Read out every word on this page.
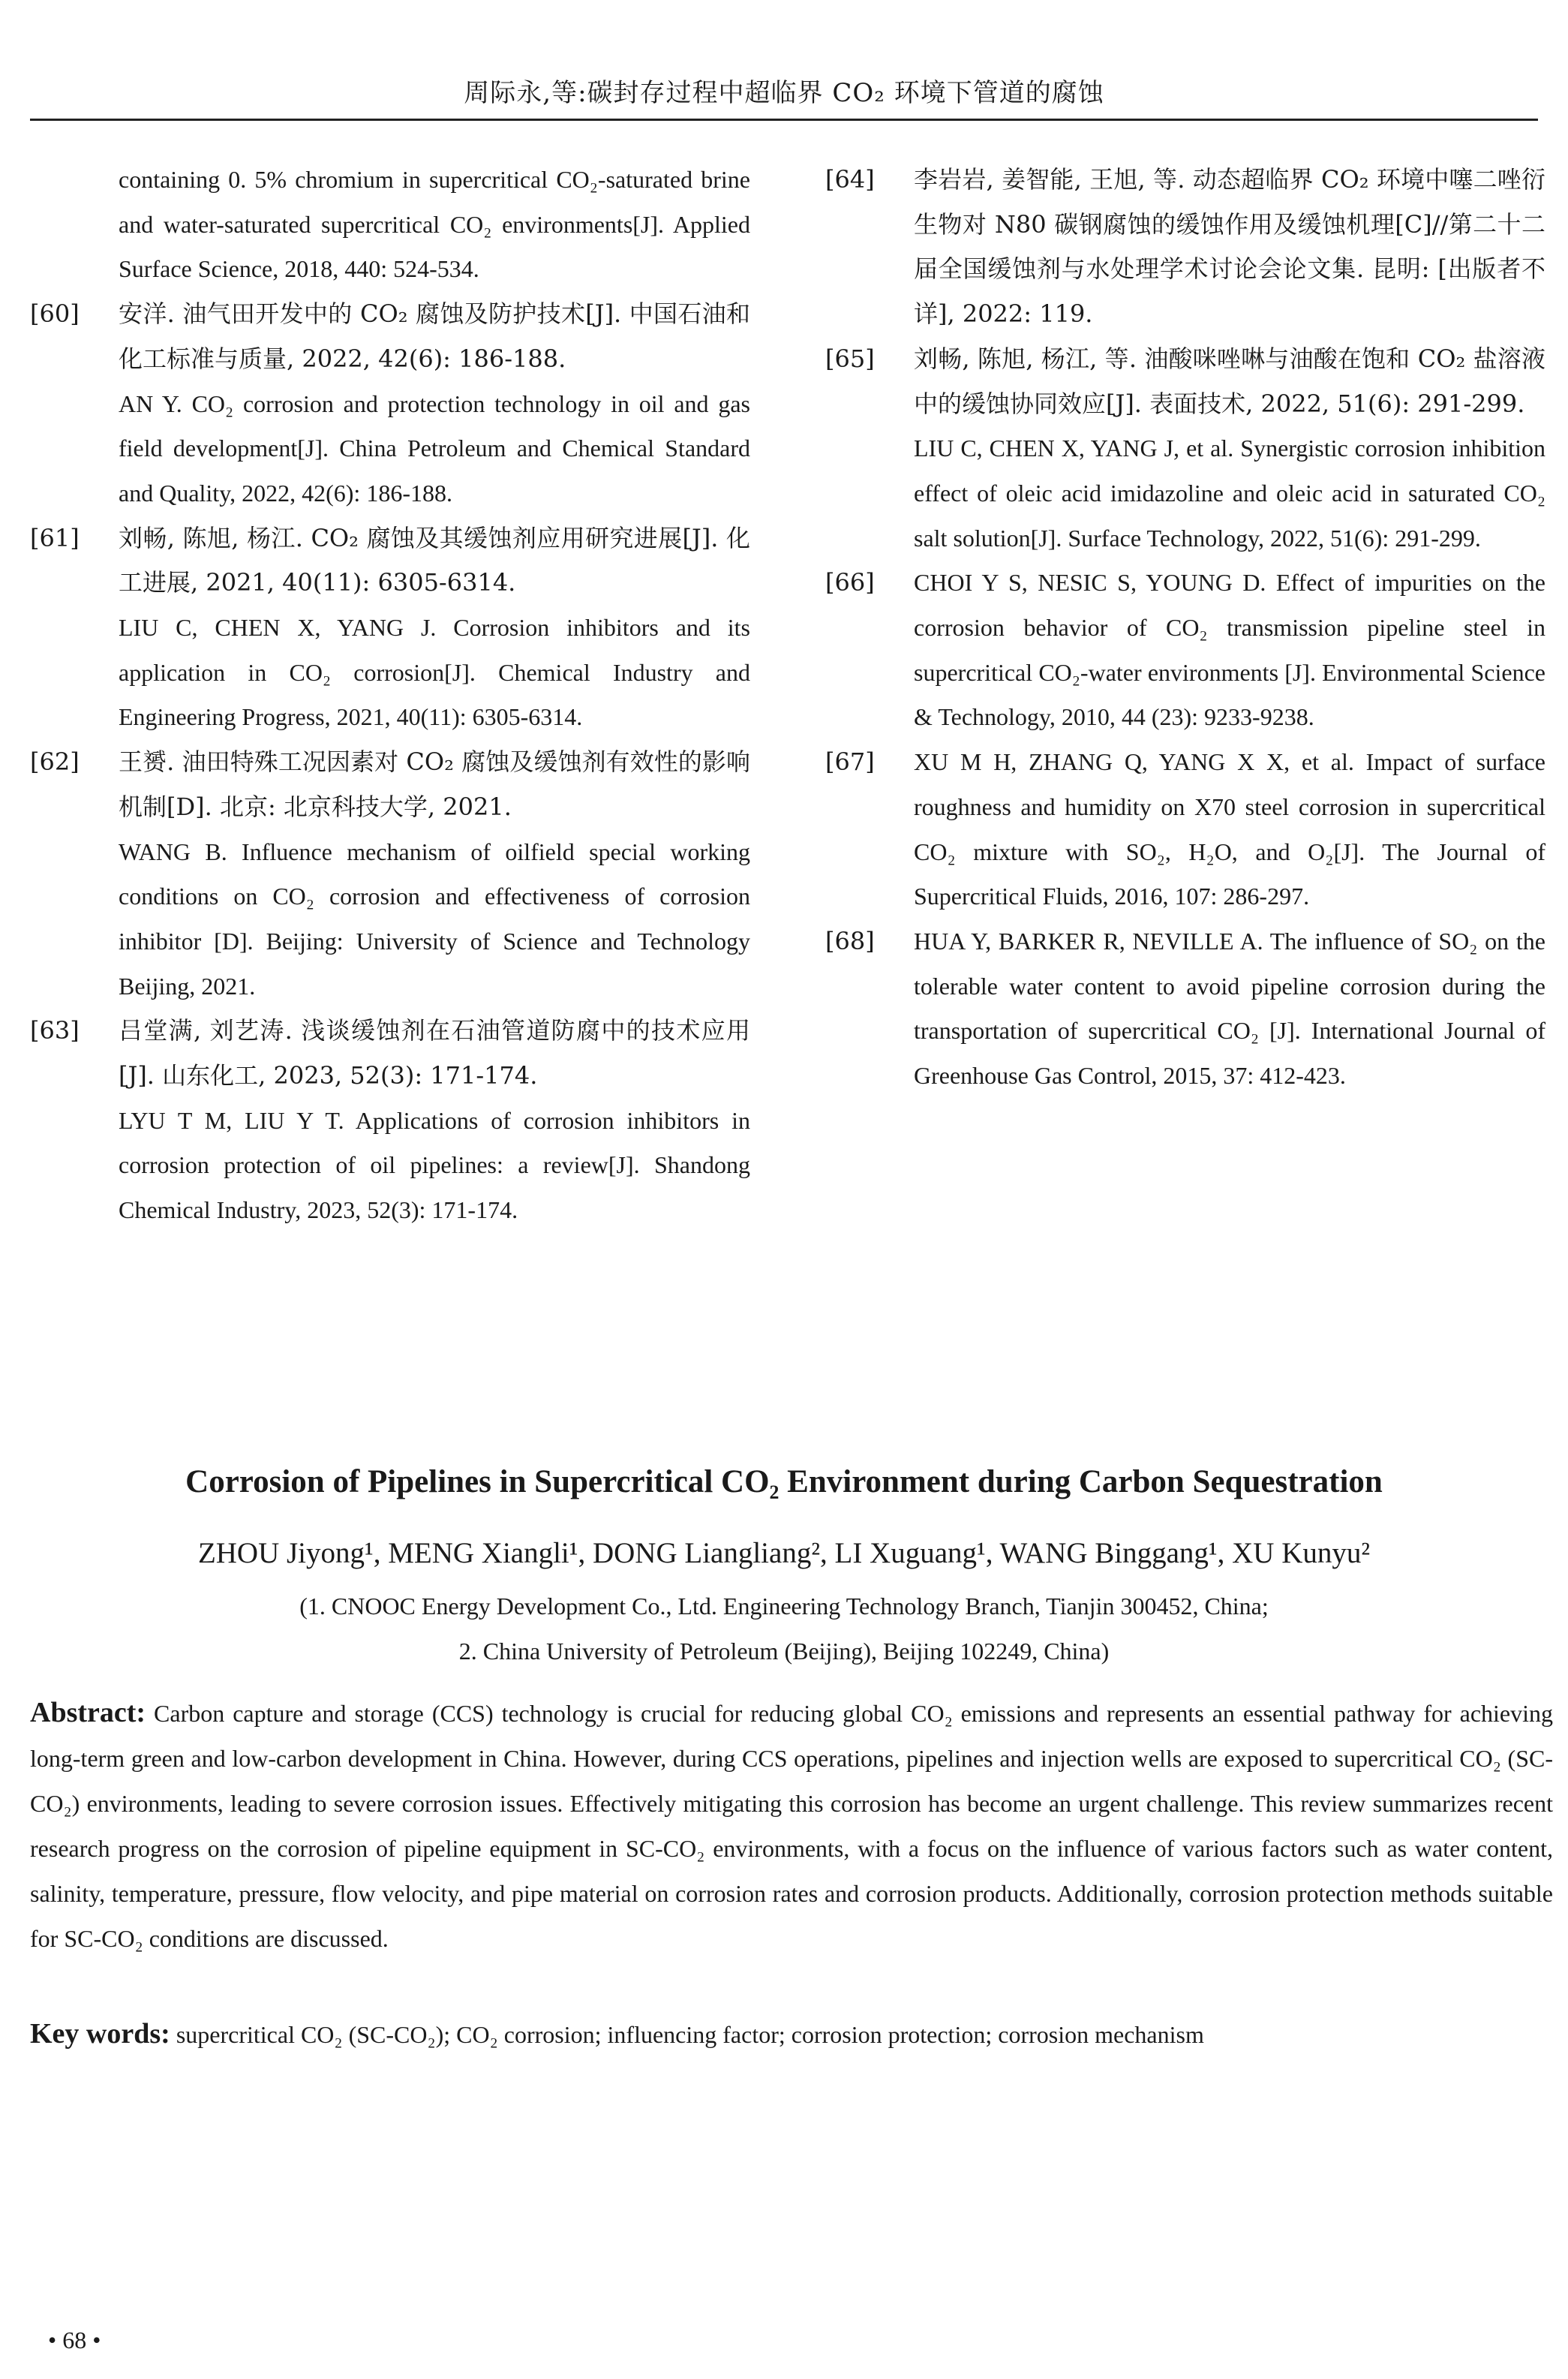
周际永,等:碳封存过程中超临界 CO₂ 环境下管道的腐蚀
containing 0. 5% chromium in supercritical CO₂-saturated brine and water-saturated supercritical CO₂ environments[J]. Applied Surface Science, 2018, 440: 524-534.
[60]	安洋. 油气田开发中的 CO₂ 腐蚀及防护技术[J]. 中国石油和化工标准与质量, 2022, 42(6): 186-188.
AN Y. CO₂ corrosion and protection technology in oil and gas field development[J]. China Petroleum and Chemical Standard and Quality, 2022, 42(6): 186-188.
[61]	刘畅, 陈旭, 杨江. CO₂ 腐蚀及其缓蚀剂应用研究进展[J]. 化工进展, 2021, 40(11): 6305-6314.
LIU C, CHEN X, YANG J. Corrosion inhibitors and its application in CO₂ corrosion[J]. Chemical Industry and Engineering Progress, 2021, 40(11): 6305-6314.
[62]	王赟. 油田特殊工况因素对 CO₂ 腐蚀及缓蚀剂有效性的影响机制[D]. 北京: 北京科技大学, 2021.
WANG B. Influence mechanism of oilfield special working conditions on CO₂ corrosion and effectiveness of corrosion inhibitor [D]. Beijing: University of Science and Technology Beijing, 2021.
[63]	吕堂满, 刘艺涛. 浅谈缓蚀剂在石油管道防腐中的技术应用[J]. 山东化工, 2023, 52(3): 171-174.
LYU T M, LIU Y T. Applications of corrosion inhibitors in corrosion protection of oil pipelines: a review[J]. Shandong Chemical Industry, 2023, 52(3): 171-174.
[64]	李岩岩, 姜智能, 王旭, 等. 动态超临界 CO₂ 环境中噻二唑衍生物对 N80 碳钢腐蚀的缓蚀作用及缓蚀机理[C]//第二十二届全国缓蚀剂与水处理学术讨论会论文集. 昆明: [出版者不详], 2022: 119.
[65]	刘畅, 陈旭, 杨江, 等. 油酸咪唑啉与油酸在饱和 CO₂ 盐溶液中的缓蚀协同效应[J]. 表面技术, 2022, 51(6): 291-299.
LIU C, CHEN X, YANG J, et al. Synergistic corrosion inhibition effect of oleic acid imidazoline and oleic acid in saturated CO₂ salt solution[J]. Surface Technology, 2022, 51(6): 291-299.
[66]	CHOI Y S, NESIC S, YOUNG D. Effect of impurities on the corrosion behavior of CO₂ transmission pipeline steel in supercritical CO₂-water environments [J]. Environmental Science & Technology, 2010, 44 (23): 9233-9238.
[67]	XU M H, ZHANG Q, YANG X X, et al. Impact of surface roughness and humidity on X70 steel corrosion in supercritical CO₂ mixture with SO₂, H₂O, and O₂[J]. The Journal of Supercritical Fluids, 2016, 107: 286-297.
[68]	HUA Y, BARKER R, NEVILLE A. The influence of SO₂ on the tolerable water content to avoid pipeline corrosion during the transportation of supercritical CO₂ [J]. International Journal of Greenhouse Gas Control, 2015, 37: 412-423.
Corrosion of Pipelines in Supercritical CO₂ Environment during Carbon Sequestration
ZHOU Jiyong¹, MENG Xiangli¹, DONG Liangliang², LI Xuguang¹, WANG Binggang¹, XU Kunyu²
(1. CNOOC Energy Development Co., Ltd. Engineering Technology Branch, Tianjin 300452, China;
2. China University of Petroleum (Beijing), Beijing 102249, China)
Abstract: Carbon capture and storage (CCS) technology is crucial for reducing global CO₂ emissions and represents an essential pathway for achieving long-term green and low-carbon development in China. However, during CCS operations, pipelines and injection wells are exposed to supercritical CO₂ (SC-CO₂) environments, leading to severe corrosion issues. Effectively mitigating this corrosion has become an urgent challenge. This review summarizes recent research progress on the corrosion of pipeline equipment in SC-CO₂ environments, with a focus on the influence of various factors such as water content, salinity, temperature, pressure, flow velocity, and pipe material on corrosion rates and corrosion products. Additionally, corrosion protection methods suitable for SC-CO₂ conditions are discussed.
Key words: supercritical CO₂ (SC-CO₂); CO₂ corrosion; influencing factor; corrosion protection; corrosion mechanism
• 68 •
